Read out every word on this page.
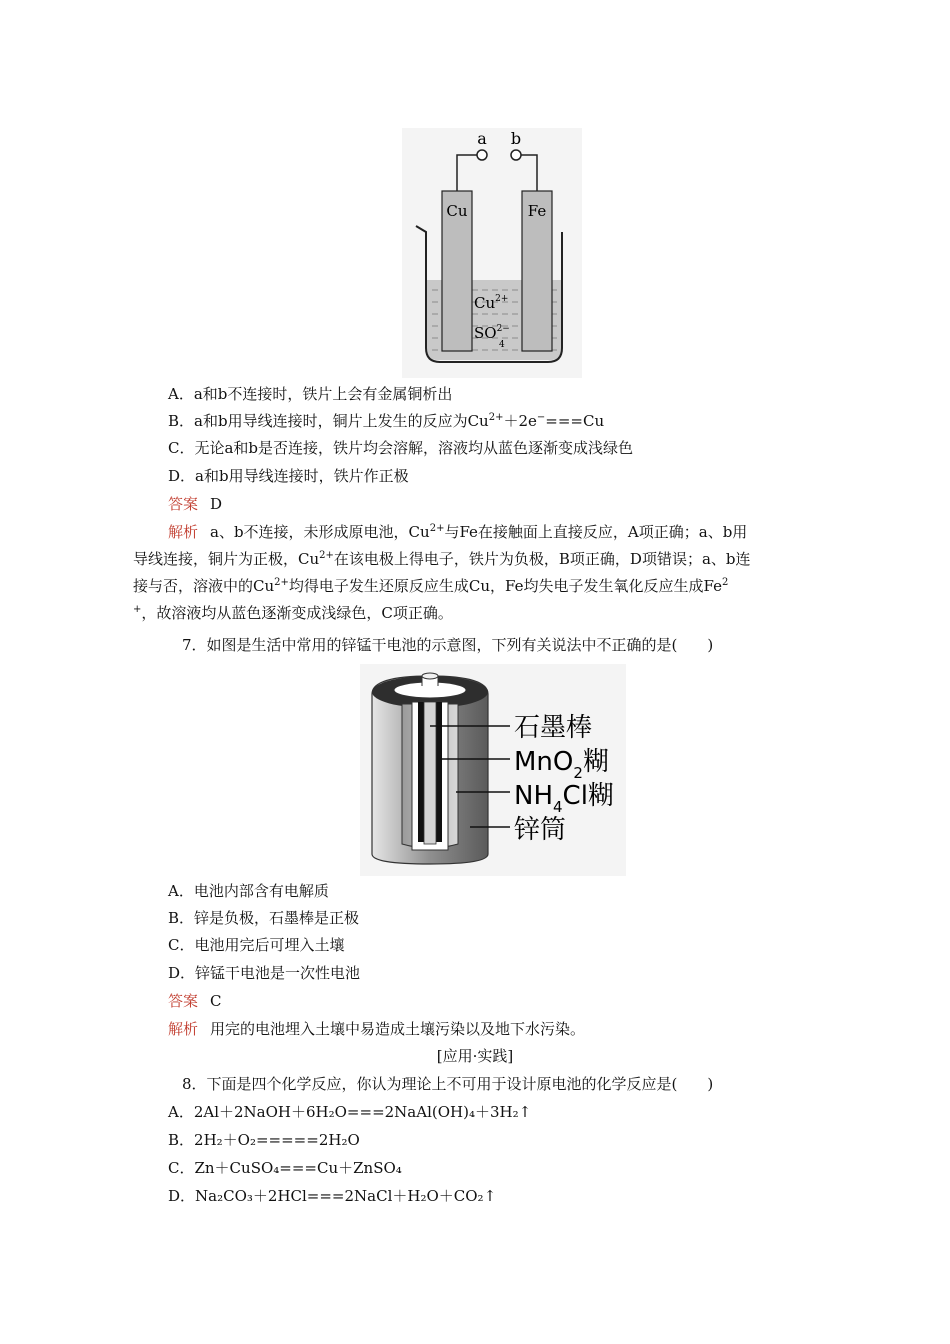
a b
Cu	Fe
$Cu^{2+}$
$SO^{2-}$
4
A．a和b不连接时，铁片上会有金属铜析出
B．a和b用导线连接时，铜片上发生的反应为$Cu^{2+}+2e^-===Cu$
C．无论a和b是否连接，铁片均会溶解，溶液均从蓝色逐渐变成浅绿色
D．a和b用导线连接时，铁片作正极
答案 D

解析 a、b不连接，未形成原电池，$Cu^{2+}$与Fe在接触面上直接反应，A项正确；a、b用

导线连接，铜片为正极，$Cu^{2+}$在该电极上得电子，铁片为负极，B项正确，D项错误；a、b连

接与否，溶液中的$Cu^{2+}$均得电子发生还原反应生成Cu，Fe均失电子发生氧化反应生成Fe$^2$

+，故溶液均从蓝色逐渐变成浅绿色，C项正确。

7．如图是生活中常用的锌锰干电池的示意图，下列有关说法中不正确的是(　　)
石墨棒
MnO$_2$糊
$NH_4Cl$糊
锌筒
A．电池内部含有电解质
B．锌是负极，石墨棒是正极
C．电池用完后可埋入土壤
D．锌锰干电池是一次性电池
答案 C
解析 用完的电池埋入土壤中易造成土壤污染以及地下水污染。
[应用·实践]
8．下面是四个化学反应，你认为理论上不可用于设计原电池的化学反应是(　　)
A．2Al＋2NaOH＋6H₂O===2NaAl(OH)₄＋3H₂↑
B．2H₂＋O₂=====2H₂O
C．Zn＋CuSO₄===Cu＋ZnSO₄
D．Na₂CO₃＋2HCl===2NaCl＋H₂O＋CO₂↑
